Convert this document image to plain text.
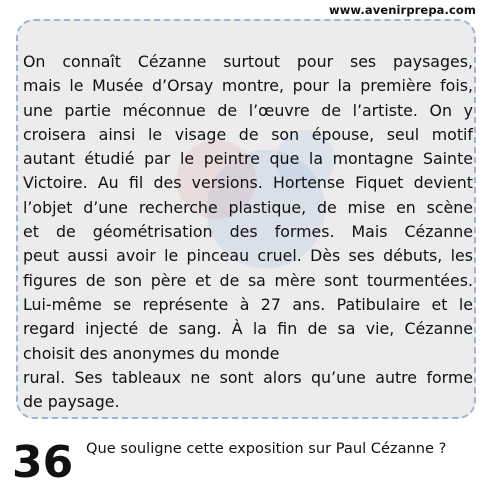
www.avenirprepa.com

On connaît Cézanne surtout pour ses paysages,
mais le Musée d’Orsay montre, pour la première fois,
une partie méconnue de l’œuvre de l’artiste. On y
croisera ainsi le visage de son épouse, seul motif
autant étudié par le peintre que la montagne Sainte
Victoire. Au fil des versions. Hortense Fiquet devient
l’objet d’une recherche plastique, de mise en scène
et de géométrisation des formes. Mais Cézanne
peut aussi avoir le pinceau cruel. Dès ses débuts, les
figures de son père et de sa mère sont tourmentées.
Lui-même se représente à 27 ans. Patibulaire et le
regard injecté de sang. À la fin de sa vie, Cézanne
choisit des anonymes du monde
rural. Ses tableaux ne sont alors qu’une autre forme
de paysage.

36 Que souligne cette exposition sur Paul Cézanne ?
